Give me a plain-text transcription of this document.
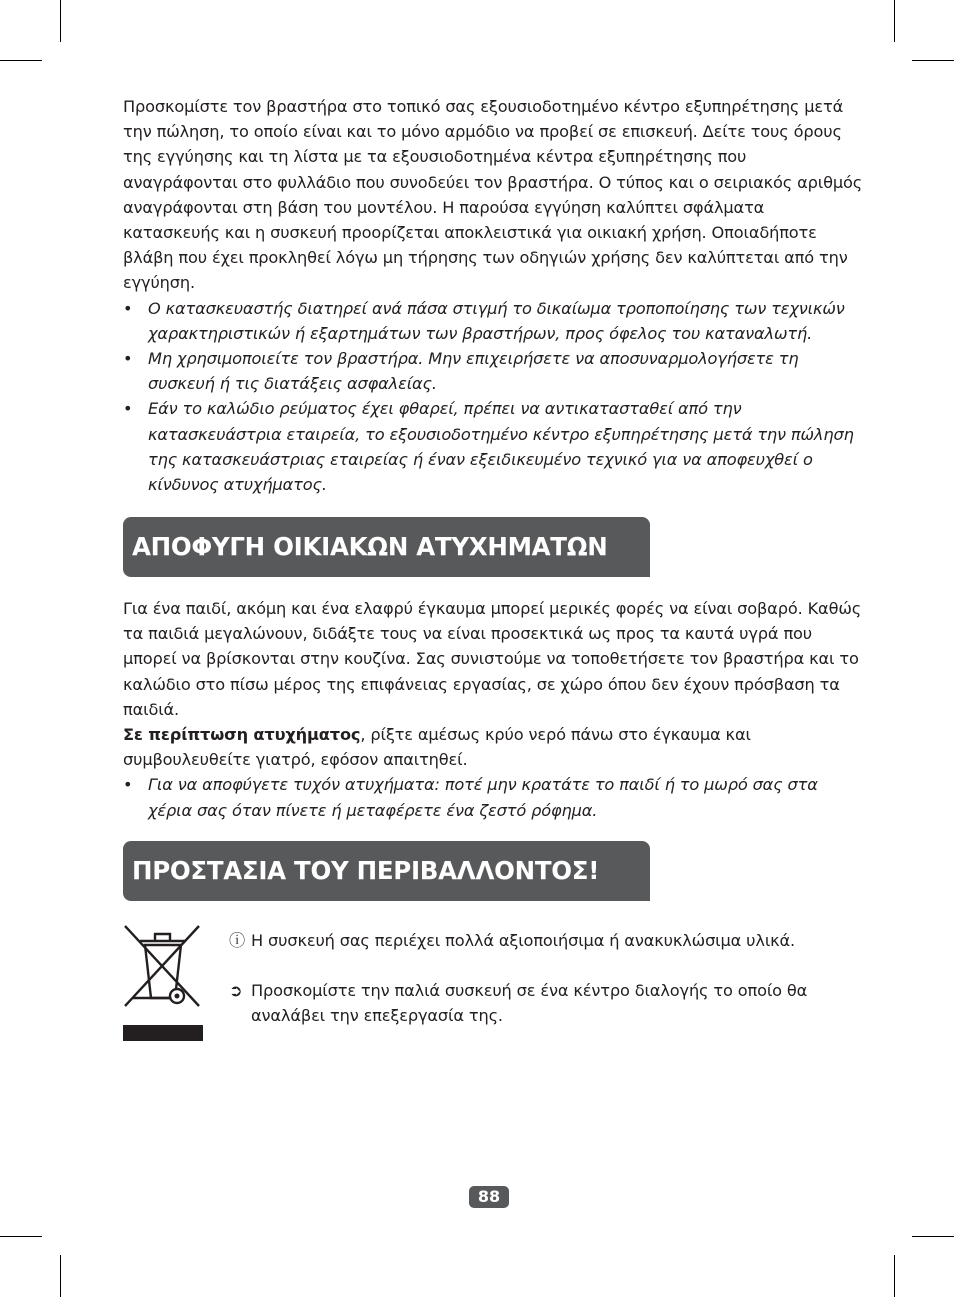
Προσκομίστε τον βραστήρα στο τοπικό σας εξουσιοδοτημένο κέντρο εξυπηρέτησης μετά την πώληση, το οποίο είναι και το μόνο αρμόδιο να προβεί σε επισκευή. Δείτε τους όρους της εγγύησης και τη λίστα με τα εξουσιοδοτημένα κέντρα εξυπηρέτησης που αναγράφονται στο φυλλάδιο που συνοδεύει τον βραστήρα. Ο τύπος και ο σειριακός αριθμός αναγράφονται στη βάση του μοντέλου. Η παρούσα εγγύηση καλύπτει σφάλματα κατασκευής και η συσκευή προορίζεται αποκλειστικά για οικιακή χρήση. Οποιαδήποτε βλάβη που έχει προκληθεί λόγω μη τήρησης των οδηγιών χρήσης δεν καλύπτεται από την εγγύηση.

• Ο κατασκευαστής διατηρεί ανά πάσα στιγμή το δικαίωμα τροποποίησης των τεχνικών χαρακτηριστικών ή εξαρτημάτων των βραστήρων, προς όφελος του καταναλωτή.
• Μη χρησιμοποιείτε τον βραστήρα. Μην επιχειρήσετε να αποσυναρμολογήσετε τη συσκευή ή τις διατάξεις ασφαλείας.
• Εάν το καλώδιο ρεύματος έχει φθαρεί, πρέπει να αντικατασταθεί από την κατασκευάστρια εταιρεία, το εξουσιοδοτημένο κέντρο εξυπηρέτησης μετά την πώληση της κατασκευάστριας εταιρείας ή έναν εξειδικευμένο τεχνικό για να αποφευχθεί ο κίνδυνος ατυχήματος.
ΑΠΟΦΥΓΗ ΟΙΚΙΑΚΩΝ ΑΤΥΧΗΜΑΤΩΝ

Για ένα παιδί, ακόμη και ένα ελαφρύ έγκαυμα μπορεί μερικές φορές να είναι σοβαρό. Καθώς τα παιδιά μεγαλώνουν, διδάξτε τους να είναι προσεκτικά ως προς τα καυτά υγρά που μπορεί να βρίσκονται στην κουζίνα. Σας συνιστούμε να τοποθετήσετε τον βραστήρα και το καλώδιο στο πίσω μέρος της επιφάνειας εργασίας, σε χώρο όπου δεν έχουν πρόσβαση τα παιδιά.

Σε περίπτωση ατυχήματος, ρίξτε αμέσως κρύο νερό πάνω στο έγκαυμα και συμβουλευθείτε γιατρό, εφόσον απαιτηθεί.

• Για να αποφύγετε τυχόν ατυχήματα: ποτέ μην κρατάτε το παιδί ή το μωρό σας στα χέρια σας όταν πίνετε ή μεταφέρετε ένα ζεστό ρόφημα.
ΠΡΟΣΤΑΣΙΑ ΤΟΥ ΠΕΡΙΒΑΛΛΟΝΤΟΣ!
ⓘ Η συσκευή σας περιέχει πολλά αξιοποιήσιμα ή ανακυκλώσιμα υλικά.
➲ Προσκομίστε την παλιά συσκευή σε ένα κέντρο διαλογής το οποίο θα αναλάβει την επεξεργασία της.
88
